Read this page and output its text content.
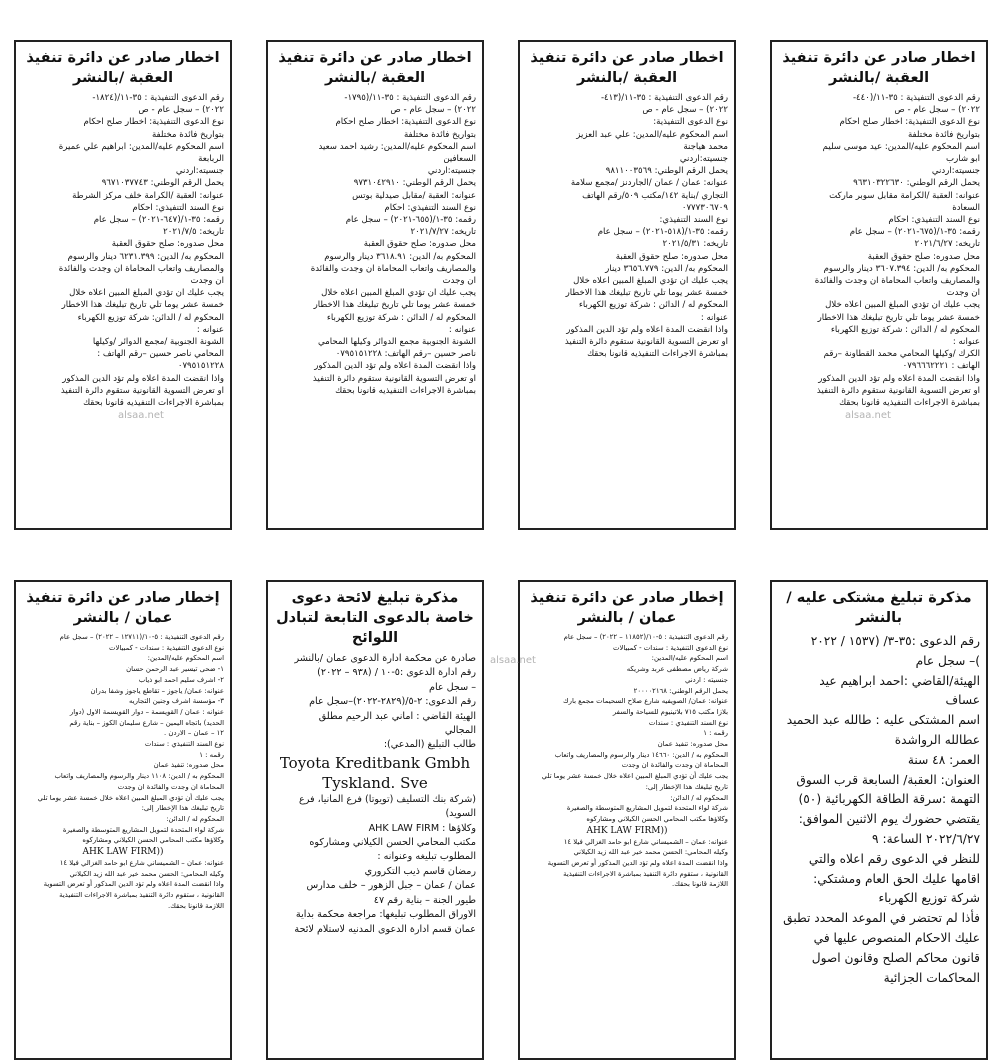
اخطار صادر عن دائرة تنفيذ العقبة /بالنشر
رقم الدعوى التنفيذية : ٣٥-١١/(١٨٢٤-
٢٠٢٢) – سجل عام - ص
نوع الدعوى التنفيذية: اخطار صلح احكام
بتواريخ فائدة مختلفة
اسم المحكوم عليه/المدين: ابراهيم علي عميرة
الربابعة
جنسيته:اردني
يحمل الرقم الوطني: ٩٦٧١٠٣٧٧٤٣
عنوانه: العقبة /الكرامة خلف مركز الشرطة
نوع السند التنفيذي: احكام
رقمه: ٣٥-١/(٦٤٧-٢٠٢١) – سجل عام
تاريخه: ٢٠٢١/٧/٥
محل صدوره: صلح حقوق العقبة
المحكوم به/ الدين: ٦٢٣١.٣٩٩ دينار والرسوم
والمصاريف واتعاب المحاماة ان وجدت والفائدة
ان وجدت
يجب عليك ان تؤدي المبلغ المبين اعلاه خلال
خمسة عشر يوما تلي تاريخ تبليغك هذا الاخطار
المحكوم له / الدائن: شركة توزيع الكهرباء
عنوانه :
الشونة الجنوبية /مجمع الدوائر /وكيلها
المحامي ناصر حسين –رقم الهاتف :
٠٧٩٥١٥١٢٢٨
واذا انقضت المدة اعلاه ولم تؤد الدين المذكور
او تعرض التسوية القانونية ستقوم دائرة التنفيذ
بمباشرة الاجراءات التنفيذيه قانونا بحقك
اخطار صادر عن دائرة تنفيذ العقبة /بالنشر
رقم الدعوى التنفيذية : ٣٥-١١/(١٧٩٥-
٢٠٢٢) – سجل عام - ص
نوع الدعوى التنفيذية: اخطار صلح احكام
بتواريخ فائدة مختلفة
اسم المحكوم عليه/المدين: رشيد احمد سعيد
السعافين
جنسيته:اردني
يحمل الرقم الوطني: ٩٧٣١٠٤٢٩١٠
عنوانه: العقبة /مقابل صيدلية بوتس
نوع السند التنفيذي: احكام
رقمه: ٣٥-١/(٦٥٥-٢٠٢١) – سجل عام
تاريخه: ٢٠٢١/٧/٢٧
محل صدوره: صلح حقوق العقبة
المحكوم به/ الدين: ٣٦١٨.٩١ دينار والرسوم
والمصاريف واتعاب المحاماة ان وجدت والفائدة
ان وجدت
يجب عليك ان تؤدي المبلغ المبين اعلاه خلال
خمسة عشر يوما تلي تاريخ تبليغك هذا الاخطار
المحكوم له / الدائن : شركة توزيع الكهرباء
عنوانه :
الشونة الجنوبية مجمع الدوائر وكيلها المحامي
ناصر حسين –رقم الهاتف: ٠٧٩٥١٥١٢٢٨
واذا انقضت المدة اعلاه ولم تؤد الدين المذكور
او تعرض التسوية القانونية ستقوم دائرة التنفيذ
بمباشرة الاجراءات التنفيذيه قانونا بحقك
اخطار صادر عن دائرة تنفيذ العقبة /بالنشر
رقم الدعوى التنفيذية : ٣٥-١١/(٤١٣-
٢٠٢٢) – سجل عام - ص
نوع الدعوى التنفيذية:
اسم المحكوم عليه/المدين: علي عبد العزيز
محمد هياجنة
جنسيته:اردني
يحمل الرقم الوطني: ٩٨١١٠٠٣٥٦٩
عنوانه: عمان / عمان /الجاردنز /مجمع سلامة
التجاري /بناية ١٤٢/مكتب ٥٠٩/رقم الهاتف
٠٧٧٧٣٠٦٧٠٩
نوع السند التنفيذي:
رقمه: ٣٥-١/(٥١٨-٢٠٢١) – سجل عام
تاريخه: ٢٠٢١/٥/٣١
محل صدوره: صلح حقوق العقبة
المحكوم به/ الدين: ٣٦٥٦.٧٧٩ دينار
يجب عليك ان تؤدي المبلغ المبين اعلاه خلال
خمسة عشر يوما تلي تاريخ تبليغك هذا الاخطار
المحكوم له / الدائن : شركة توزيع الكهرباء
عنوانه :
واذا انقضت المدة اعلاه ولم تؤد الدين المذكور
او تعرض التسوية القانونية ستقوم دائرة التنفيذ
بمباشرة الاجراءات التنفيذيه قانونا بحقك
اخطار صادر عن دائرة تنفيذ العقبة /بالنشر
رقم الدعوى التنفيذية : ٣٥-١١/(٤٤٠-
٢٠٢٢) – سجل عام - ص
نوع الدعوى التنفيذية: اخطار صلح احكام
بتواريخ فائدة مختلفة
اسم المحكوم عليه/المدين: عيد موسى سليم
ابو شارب
جنسيته:اردني
يحمل الرقم الوطني: ٩٦٣١٠٣٢٢٦٣٠
عنوانه: العقبة /الكرامة مقابل سوبر ماركت
السعادة
نوع السند التنفيذي: احكام
رقمه: ٣٥-١/(٦٧٥-٢٠٢١) – سجل عام
تاريخه: ٢٠٢١/٦/٢٧
محل صدوره: صلح حقوق العقبة
المحكوم به/ الدين: ٣٦٠٧.٣٩٤ دينار والرسوم
والمصاريف واتعاب المحاماة ان وجدت والفائدة
ان وجدت
يجب عليك ان تؤدي المبلغ المبين اعلاه خلال
خمسة عشر يوما تلي تاريخ تبليغك هذا الاخطار
المحكوم له / الدائن : شركة توزيع الكهرباء
عنوانه :
الكرك /وكيلها المحامي محمد القطاونة –رقم
الهاتف : ٠٧٩٦٦٦٢٢٢١
واذا انقضت المدة اعلاه ولم تؤد الدين المذكور
او تعرض التسوية القانونية ستقوم دائرة التنفيذ
بمباشرة الاجراءات التنفيذيه قانونا بحقك
إخطار صادر عن دائرة تنفيذ عمان / بالنشر
رقم الدعوى التنفيذية : ٥-١٠/(١٢٧١١ – ٢٠٢٢) – سجل عام
نوع الدعوى التنفيذية : سندات - كمبيالات
اسم المحكوم عليه/المدين:
١- ضحى تيسير عبد الرحمن حسان
٢- اشرف سليم احمد ابو ذياب
عنوانه: عمان/ ياجوز – تقاطع ياجوز وشفا بدران
٣- مؤسسة اشرف وجنين التجاريه
عنوانه : عمان / القويسمة – دوار القويسمة الاول (دوار
الحديد) باتجاه اليمين – شارع سليمان الكوز – بناية رقم
١٢ – عمان – الاردن .
نوع السند التنفيذي : سندات
رقمه : ١
محل صدوره: تنفيذ عمان
المحكوم به / الدين: ١١٠٨ دينار والرسوم والمصاريف واتعاب
المحاماة ان وجدت والفائدة ان وجدت
يجب عليك أن تؤدي المبلغ المبين اعلاه خلال خمسة عشر يوما تلي
تاريخ تبليغك هذا الإخطار إلى:
المحكوم له / الدائن:
شركة لواء المتحدة لتمويل المشاريع المتوسطة والصغيرة
وكلاؤها مكتب المحامي الحسن الكيلاني ومشاركوه
AHK LAW FIRM))
عنوانه: عمان – الشميساني شارع ابو حامد الغزالي فيلا ١٤
وكيله المحامي: الحسن محمد خير عبد الله زيد الكيلاني
واذا انقضت المدة اعلاه ولم تؤد الدين المذكور أو تعرض التسوية
القانونية ، ستقوم دائرة التنفيذ بمباشرة الاجراءات التنفيذية
اللازمة قانونا بحقك.
مذكرة تبليغ لائحة دعوى خاصة بالدعوى التابعة لتبادل اللوائح
صادرة عن محكمة ادارة الدعوى عمان /بالنشر
رقم ادارة الدعوى :٥-١٠ / (٩٣٨ – ٢٠٢٢)
– سجل عام
رقم الدعوى: ٢-٥/(٢٨٢٩-٢٠٢٢)–سجل عام
الهيئة القاضي : اماني عبد الرحيم مطلق
المجالي
طالب التبليغ (المدعي):
Toyota Kreditbank Gmbh
Tyskland. Sve
(شركة بنك التسليف (تويوتا) فرع المانيا، فرع
السويد)
وكلاؤها : AHK LAW FIRM
مكتب المحامي الحسن الكيلاني ومشاركوه
المطلوب تبليغه وعنوانه :
رمضان قاسم ذيب التكروري
عمان / عمان – جبل الزهور – خلف مدارس
طيور الجنة – بناية رقم ٤٧
الاوراق المطلوب تبليغها: مراجعة محكمة بداية
عمان قسم ادارة الدعوى المدنيه لاستلام لائحة
إخطار صادر عن دائرة تنفيذ عمان / بالنشر
رقم الدعوى التنفيذية : ٥-١٠/(١١٨٥٢ – ٢٠٢٢) – سجل عام
نوع الدعوى التنفيذية : سندات - كمبيالات
اسم المحكوم عليه/المدين:
شركة رياض مصطفى عربد وشريكه
جنسيته : اردني
يحمل الرقم الوطني: ٢٠٠٠٠٢١٦٨
عنوانه: عمان/ الصويفيه شارع صلاح السحيمات مجمع بارك
بلازا مكتب ٧١٥ بلاتينيوم للسياحة والسفر
نوع السند التنفيذي : سندات
رقمه : ١
محل صدوره: تنفيذ عمان
المحكوم به / الدين: ١٤٦٦٠ دينار والرسوم والمصاريف واتعاب
المحاماة ان وجدت والفائدة ان وجدت
يجب عليك أن تؤدي المبلغ المبين اعلاه خلال خمسة عشر يوما تلي
تاريخ تبليغك هذا الإخطار إلى:
المحكوم له / الدائن:
شركة لواء المتحدة لتمويل المشاريع المتوسطة والصغيرة
وكلاؤها مكتب المحامي الحسن الكيلاني ومشاركوه
AHK LAW FIRM))
عنوانه: عمان – الشميساني شارع ابو حامد الغزالي فيلا ١٤
وكيله المحامي: الحسن محمد خير عبد الله زيد الكيلاني
واذا انقضت المدة اعلاه ولم تؤد الدين المذكور أو تعرض التسوية
القانونية ، ستقوم دائرة التنفيذ بمباشرة الاجراءات التنفيذية
اللازمة قانونا بحقك.
مذكرة تبليغ مشتكى عليه /بالنشر
رقم الدعوى :٣٥-٣/ (١٥٣٧ / ٢٠٢٢
)– سجل عام
الهيئة/القاضي :احمد ابراهيم عيد
عساف
اسم المشتكى عليه : طالله عبد الحميد
عطالله الرواشدة
العمر: ٤٨ سنة
العنوان: العقبة/ السابعة قرب السوق
التهمة :سرقة الطاقة الكهربائية (٥٠)
يقتضي حضورك يوم الاثنين الموافق:
٢٠٢٢/٦/٢٧ الساعة: ٩
للنظر في الدعوى رقم اعلاه والتي
اقامها عليك الحق العام ومشتكي:
شركة توزيع الكهرباء
فأذا لم تحتضر في الموعد المحدد تطبق
عليك الاحكام المنصوص عليها في
قانون محاكم الصلح وقانون اصول
المحاكمات الجزائية
alsaa.net	alsaa.net
alsaa.net
